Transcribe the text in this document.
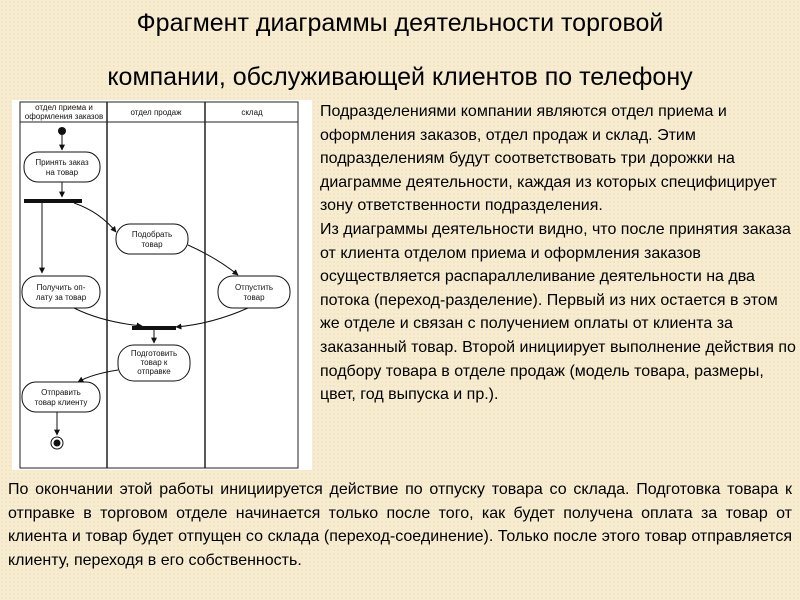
Фрагмент диаграммы деятельности торговой
компании, обслуживающей клиентов по телефону
отдел приема и
оформления заказов	отдел продаж	склад
Принять заказ
на товар
Подобрать
товар
Получить оп-
лату за товар
Отпустить
товар
Подготовить
товар к
отправке
Отправить
товар клиенту
Подразделениями компании являются отдел приема и оформления заказов, отдел продаж и склад. Этим подразделениям будут соответствовать три дорожки на диаграмме деятельности, каждая из которых специфицирует зону ответственности подразделения.
Из диаграммы деятельности видно, что после принятия заказа от клиента отделом приема и оформления заказов осуществляется распараллеливание деятельности на два потока (переход-разделение). Первый из них остается в этом же отделе и связан с получением оплаты от клиента за заказанный товар. Второй инициирует выполнение действия по подбору товара в отделе продаж (модель товара, размеры, цвет, год выпуска и пр.).

По окончании этой работы инициируется действие по отпуску товара со склада. Подготовка товара к отправке в торговом отделе начинается только после того, как будет получена оплата за товар от клиента и товар будет отпущен со склада (переход-соединение). Только после этого товар отправляется клиенту, переходя в его собственность.
